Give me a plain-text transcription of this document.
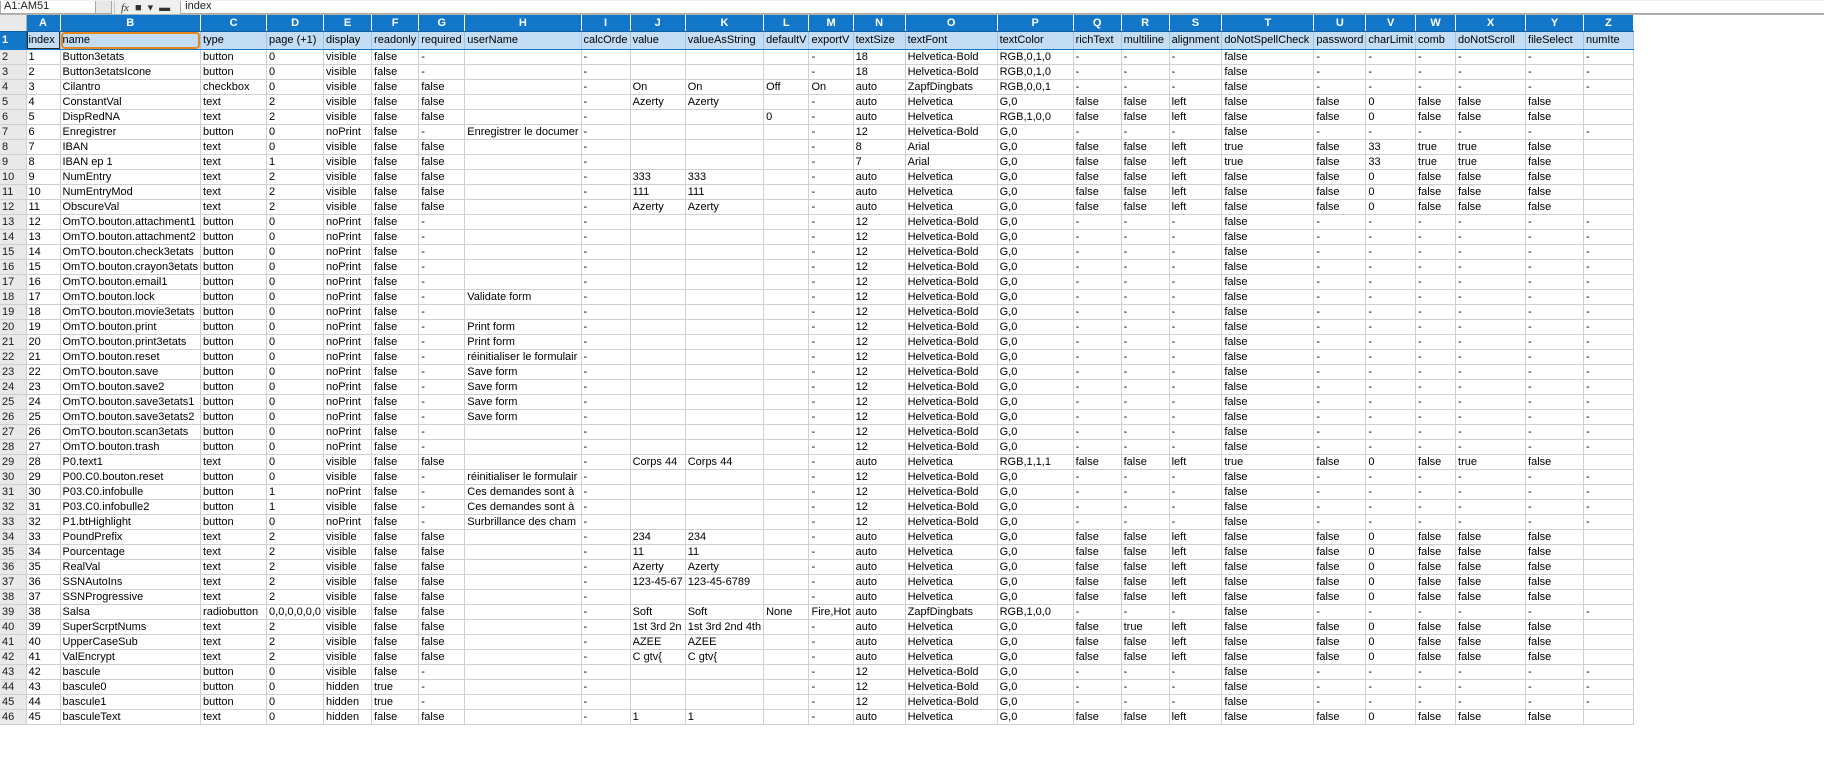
A1:AM51	fx ■ ▾ ▬	index
	A	B	C	D	E	F	G	H	I	J	K	L	M	N	O	P	Q	R	S	T	U	V	W	X	Y	Z
1	index	name	type	page (+1)	display	readonly	required	userName	calcOrde	value	valueAsString	defaultV	exportV	textSize	textFont	textColor	richText	multiline	alignment	doNotSpellCheck	password	charLimit	comb	doNotScroll	fileSelect	numIte
2	1	Button3etats	button	0	visible	false	-		-				-	18	Helvetica-Bold	RGB,0,1,0	-	-	-	false	-	-	-	-	-	-
3	2	Button3etatsIcone	button	0	visible	false	-		-				-	18	Helvetica-Bold	RGB,0,1,0	-	-	-	false	-	-	-	-	-	-
4	3	Cilantro	checkbox	0	visible	false	false		-	On	On	Off	On	auto	ZapfDingbats	RGB,0,0,1	-	-	-	false	-	-	-	-	-	-
5	4	ConstantVal	text	2	visible	false	false		-	Azerty	Azerty		-	auto	Helvetica	G,0	false	false	left	false	false	0	false	false	false	
6	5	DispRedNA	text	2	visible	false	false		-			0	-	auto	Helvetica	RGB,1,0,0	false	false	left	false	false	0	false	false	false	
7	6	Enregistrer	button	0	noPrint	false	-	Enregistrer le documer	-				-	12	Helvetica-Bold	G,0	-	-	-	false	-	-	-	-	-	-
8	7	IBAN	text	0	visible	false	false		-				-	8	Arial	G,0	false	false	left	true	false	33	true	true	false	
9	8	IBAN ep 1	text	1	visible	false	false		-				-	7	Arial	G,0	false	false	left	true	false	33	true	true	false	
10	9	NumEntry	text	2	visible	false	false		-	333	333		-	auto	Helvetica	G,0	false	false	left	false	false	0	false	false	false	
11	10	NumEntryMod	text	2	visible	false	false		-	111	111		-	auto	Helvetica	G,0	false	false	left	false	false	0	false	false	false	
12	11	ObscureVal	text	2	visible	false	false		-	Azerty	Azerty		-	auto	Helvetica	G,0	false	false	left	false	false	0	false	false	false	
13	12	OmTO.bouton.attachment1	button	0	noPrint	false	-		-				-	12	Helvetica-Bold	G,0	-	-	-	false	-	-	-	-	-	-
14	13	OmTO.bouton.attachment2	button	0	noPrint	false	-		-				-	12	Helvetica-Bold	G,0	-	-	-	false	-	-	-	-	-	-
15	14	OmTO.bouton.check3etats	button	0	noPrint	false	-		-				-	12	Helvetica-Bold	G,0	-	-	-	false	-	-	-	-	-	-
16	15	OmTO.bouton.crayon3etats	button	0	noPrint	false	-		-				-	12	Helvetica-Bold	G,0	-	-	-	false	-	-	-	-	-	-
17	16	OmTO.bouton.email1	button	0	noPrint	false	-		-				-	12	Helvetica-Bold	G,0	-	-	-	false	-	-	-	-	-	-
18	17	OmTO.bouton.lock	button	0	noPrint	false	-	Validate form	-				-	12	Helvetica-Bold	G,0	-	-	-	false	-	-	-	-	-	-
19	18	OmTO.bouton.movie3etats	button	0	noPrint	false	-		-				-	12	Helvetica-Bold	G,0	-	-	-	false	-	-	-	-	-	-
20	19	OmTO.bouton.print	button	0	noPrint	false	-	Print form	-				-	12	Helvetica-Bold	G,0	-	-	-	false	-	-	-	-	-	-
21	20	OmTO.bouton.print3etats	button	0	noPrint	false	-	Print form	-				-	12	Helvetica-Bold	G,0	-	-	-	false	-	-	-	-	-	-
22	21	OmTO.bouton.reset	button	0	noPrint	false	-	réinitialiser le formulair	-				-	12	Helvetica-Bold	G,0	-	-	-	false	-	-	-	-	-	-
23	22	OmTO.bouton.save	button	0	noPrint	false	-	Save form	-				-	12	Helvetica-Bold	G,0	-	-	-	false	-	-	-	-	-	-
24	23	OmTO.bouton.save2	button	0	noPrint	false	-	Save form	-				-	12	Helvetica-Bold	G,0	-	-	-	false	-	-	-	-	-	-
25	24	OmTO.bouton.save3etats1	button	0	noPrint	false	-	Save form	-				-	12	Helvetica-Bold	G,0	-	-	-	false	-	-	-	-	-	-
26	25	OmTO.bouton.save3etats2	button	0	noPrint	false	-	Save form	-				-	12	Helvetica-Bold	G,0	-	-	-	false	-	-	-	-	-	-
27	26	OmTO.bouton.scan3etats	button	0	noPrint	false	-		-				-	12	Helvetica-Bold	G,0	-	-	-	false	-	-	-	-	-	-
28	27	OmTO.bouton.trash	button	0	noPrint	false	-		-				-	12	Helvetica-Bold	G,0	-	-	-	false	-	-	-	-	-	-
29	28	P0.text1	text	0	visible	false	false		-	Corps 44	Corps 44		-	auto	Helvetica	RGB,1,1,1	false	false	left	true	false	0	false	true	false	
30	29	P00.C0.bouton.reset	button	0	visible	false	-	réinitialiser le formulair	-				-	12	Helvetica-Bold	G,0	-	-	-	false	-	-	-	-	-	-
31	30	P03.C0.infobulle	button	1	noPrint	false	-	Ces demandes sont à	-				-	12	Helvetica-Bold	G,0	-	-	-	false	-	-	-	-	-	-
32	31	P03.C0.infobulle2	button	1	visible	false	-	Ces demandes sont à	-				-	12	Helvetica-Bold	G,0	-	-	-	false	-	-	-	-	-	-
33	32	P1.btHighlight	button	0	noPrint	false	-	Surbrillance des cham	-				-	12	Helvetica-Bold	G,0	-	-	-	false	-	-	-	-	-	-
34	33	PoundPrefix	text	2	visible	false	false		-	234	234		-	auto	Helvetica	G,0	false	false	left	false	false	0	false	false	false	
35	34	Pourcentage	text	2	visible	false	false		-	11	11		-	auto	Helvetica	G,0	false	false	left	false	false	0	false	false	false	
36	35	RealVal	text	2	visible	false	false		-	Azerty	Azerty		-	auto	Helvetica	G,0	false	false	left	false	false	0	false	false	false	
37	36	SSNAutoIns	text	2	visible	false	false		-	123-45-67	123-45-6789		-	auto	Helvetica	G,0	false	false	left	false	false	0	false	false	false	
38	37	SSNProgressive	text	2	visible	false	false		-				-	auto	Helvetica	G,0	false	false	left	false	false	0	false	false	false	
39	38	Salsa	radiobutton	0,0,0,0,0,0	visible	false	false		-	Soft	Soft	None	Fire,Hot	auto	ZapfDingbats	RGB,1,0,0	-	-	-	false	-	-	-	-	-	-
40	39	SuperScrptNums	text	2	visible	false	false		-	1st 3rd 2n	1st 3rd 2nd 4th		-	auto	Helvetica	G,0	false	true	left	false	false	0	false	false	false	
41	40	UpperCaseSub	text	2	visible	false	false		-	AZEE	AZEE		-	auto	Helvetica	G,0	false	false	left	false	false	0	false	false	false	
42	41	ValEncrypt	text	2	visible	false	false		-	C gtv{	C gtv{		-	auto	Helvetica	G,0	false	false	left	false	false	0	false	false	false	
43	42	bascule	button	0	visible	false	-		-				-	12	Helvetica-Bold	G,0	-	-	-	false	-	-	-	-	-	-
44	43	bascule0	button	0	hidden	true	-		-				-	12	Helvetica-Bold	G,0	-	-	-	false	-	-	-	-	-	-
45	44	bascule1	button	0	hidden	true	-		-				-	12	Helvetica-Bold	G,0	-	-	-	false	-	-	-	-	-	-
46	45	basculeText	text	0	hidden	false	false		-	1	1		-	auto	Helvetica	G,0	false	false	left	false	false	0	false	false	false	
